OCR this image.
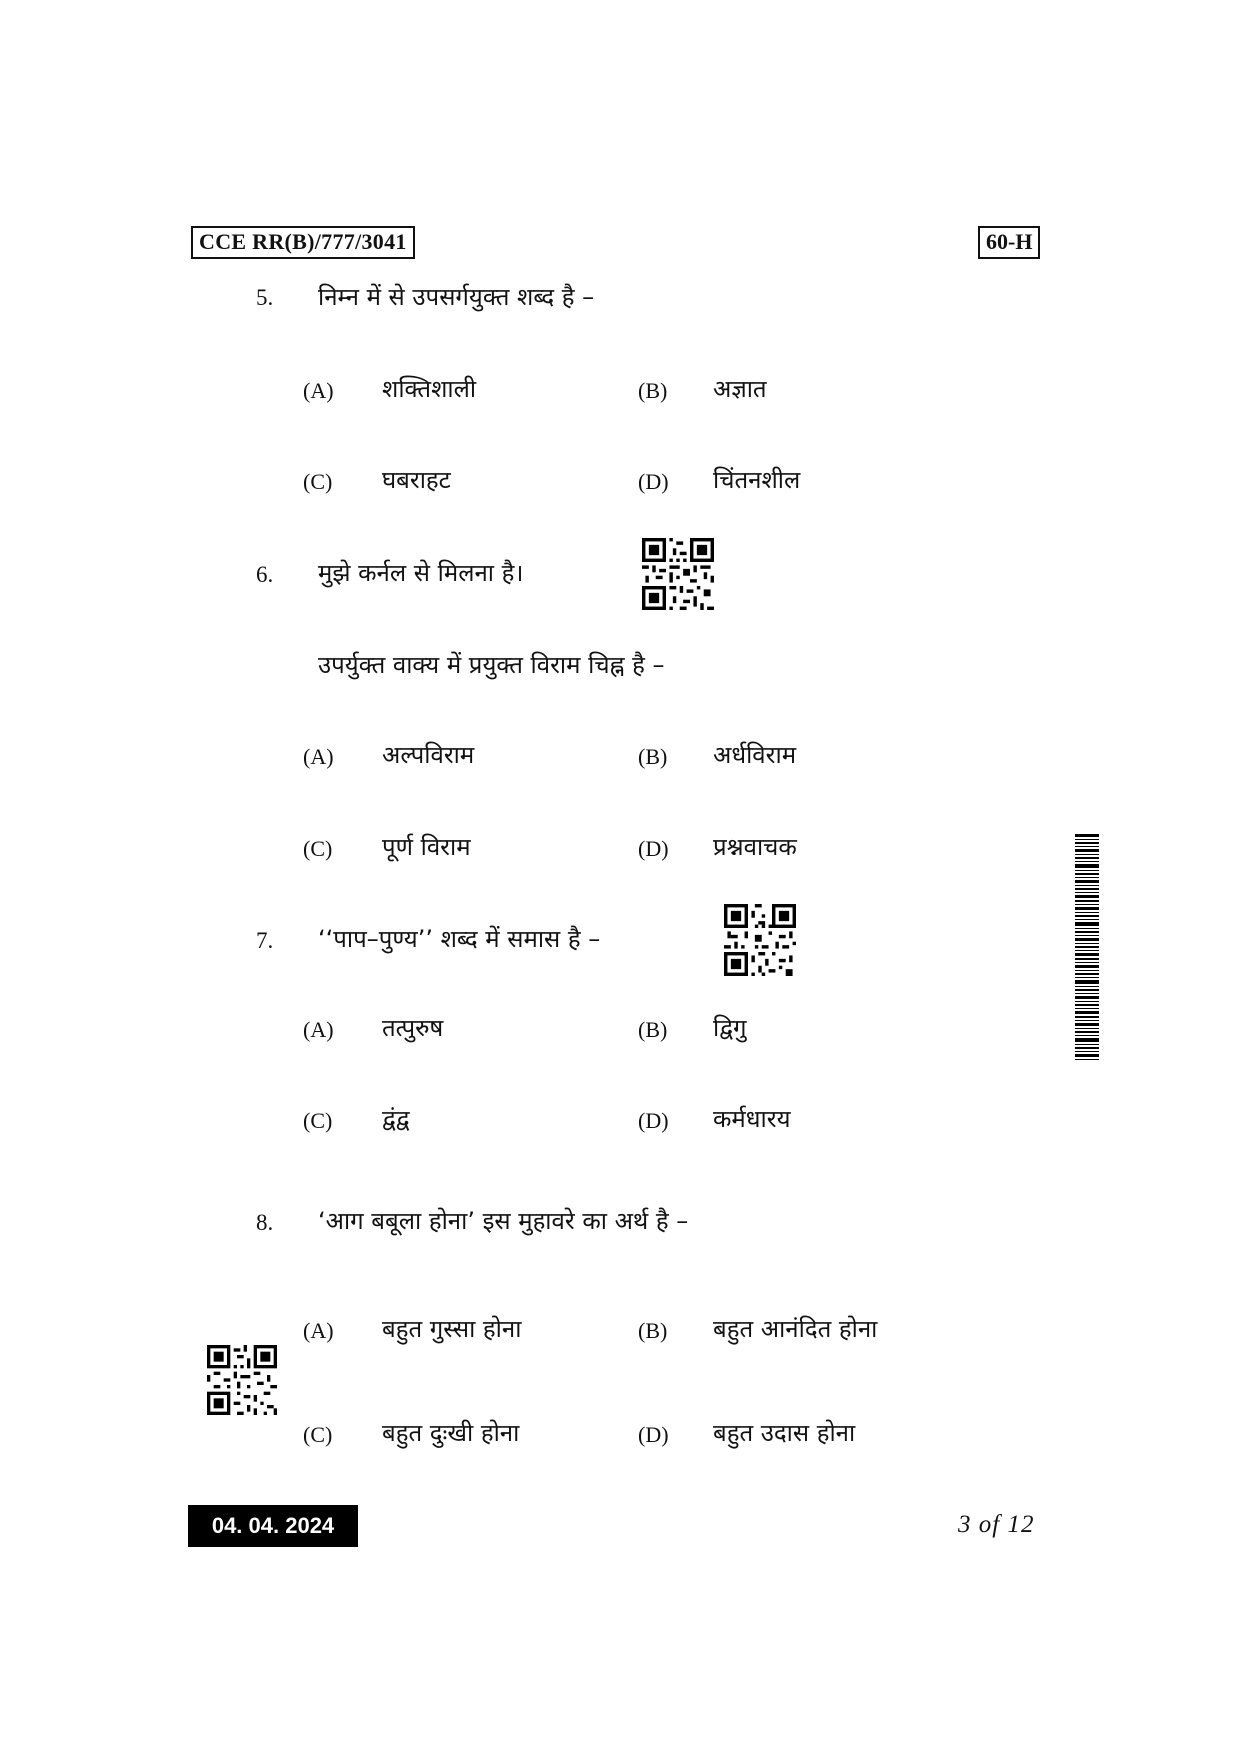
CCE RR(B)/777/3041	60-H
5. निम्न में से उपसर्गयुक्त शब्द है –
(A) शक्तिशाली	(B) अज्ञात
(C) घबराहट	(D) चिंतनशील
6. मुझे कर्नल से मिलना है।
उपर्युक्त वाक्य में प्रयुक्त विराम चिह्न है –
(A) अल्पविराम	(B) अर्धविराम
(C) पूर्ण विराम	(D) प्रश्नवाचक
7. ‘‘पाप–पुण्य’’ शब्द में समास है –
(A) तत्पुरुष	(B) द्विगु
(C) द्वंद्व	(D) कर्मधारय
8. ‘आग बबूला होना’ इस मुहावरे का अर्थ है –
(A) बहुत गुस्सा होना	(B) बहुत आनंदित होना
(C) बहुत दुःखी होना	(D) बहुत उदास होना
04. 04. 2024	3 of 12
